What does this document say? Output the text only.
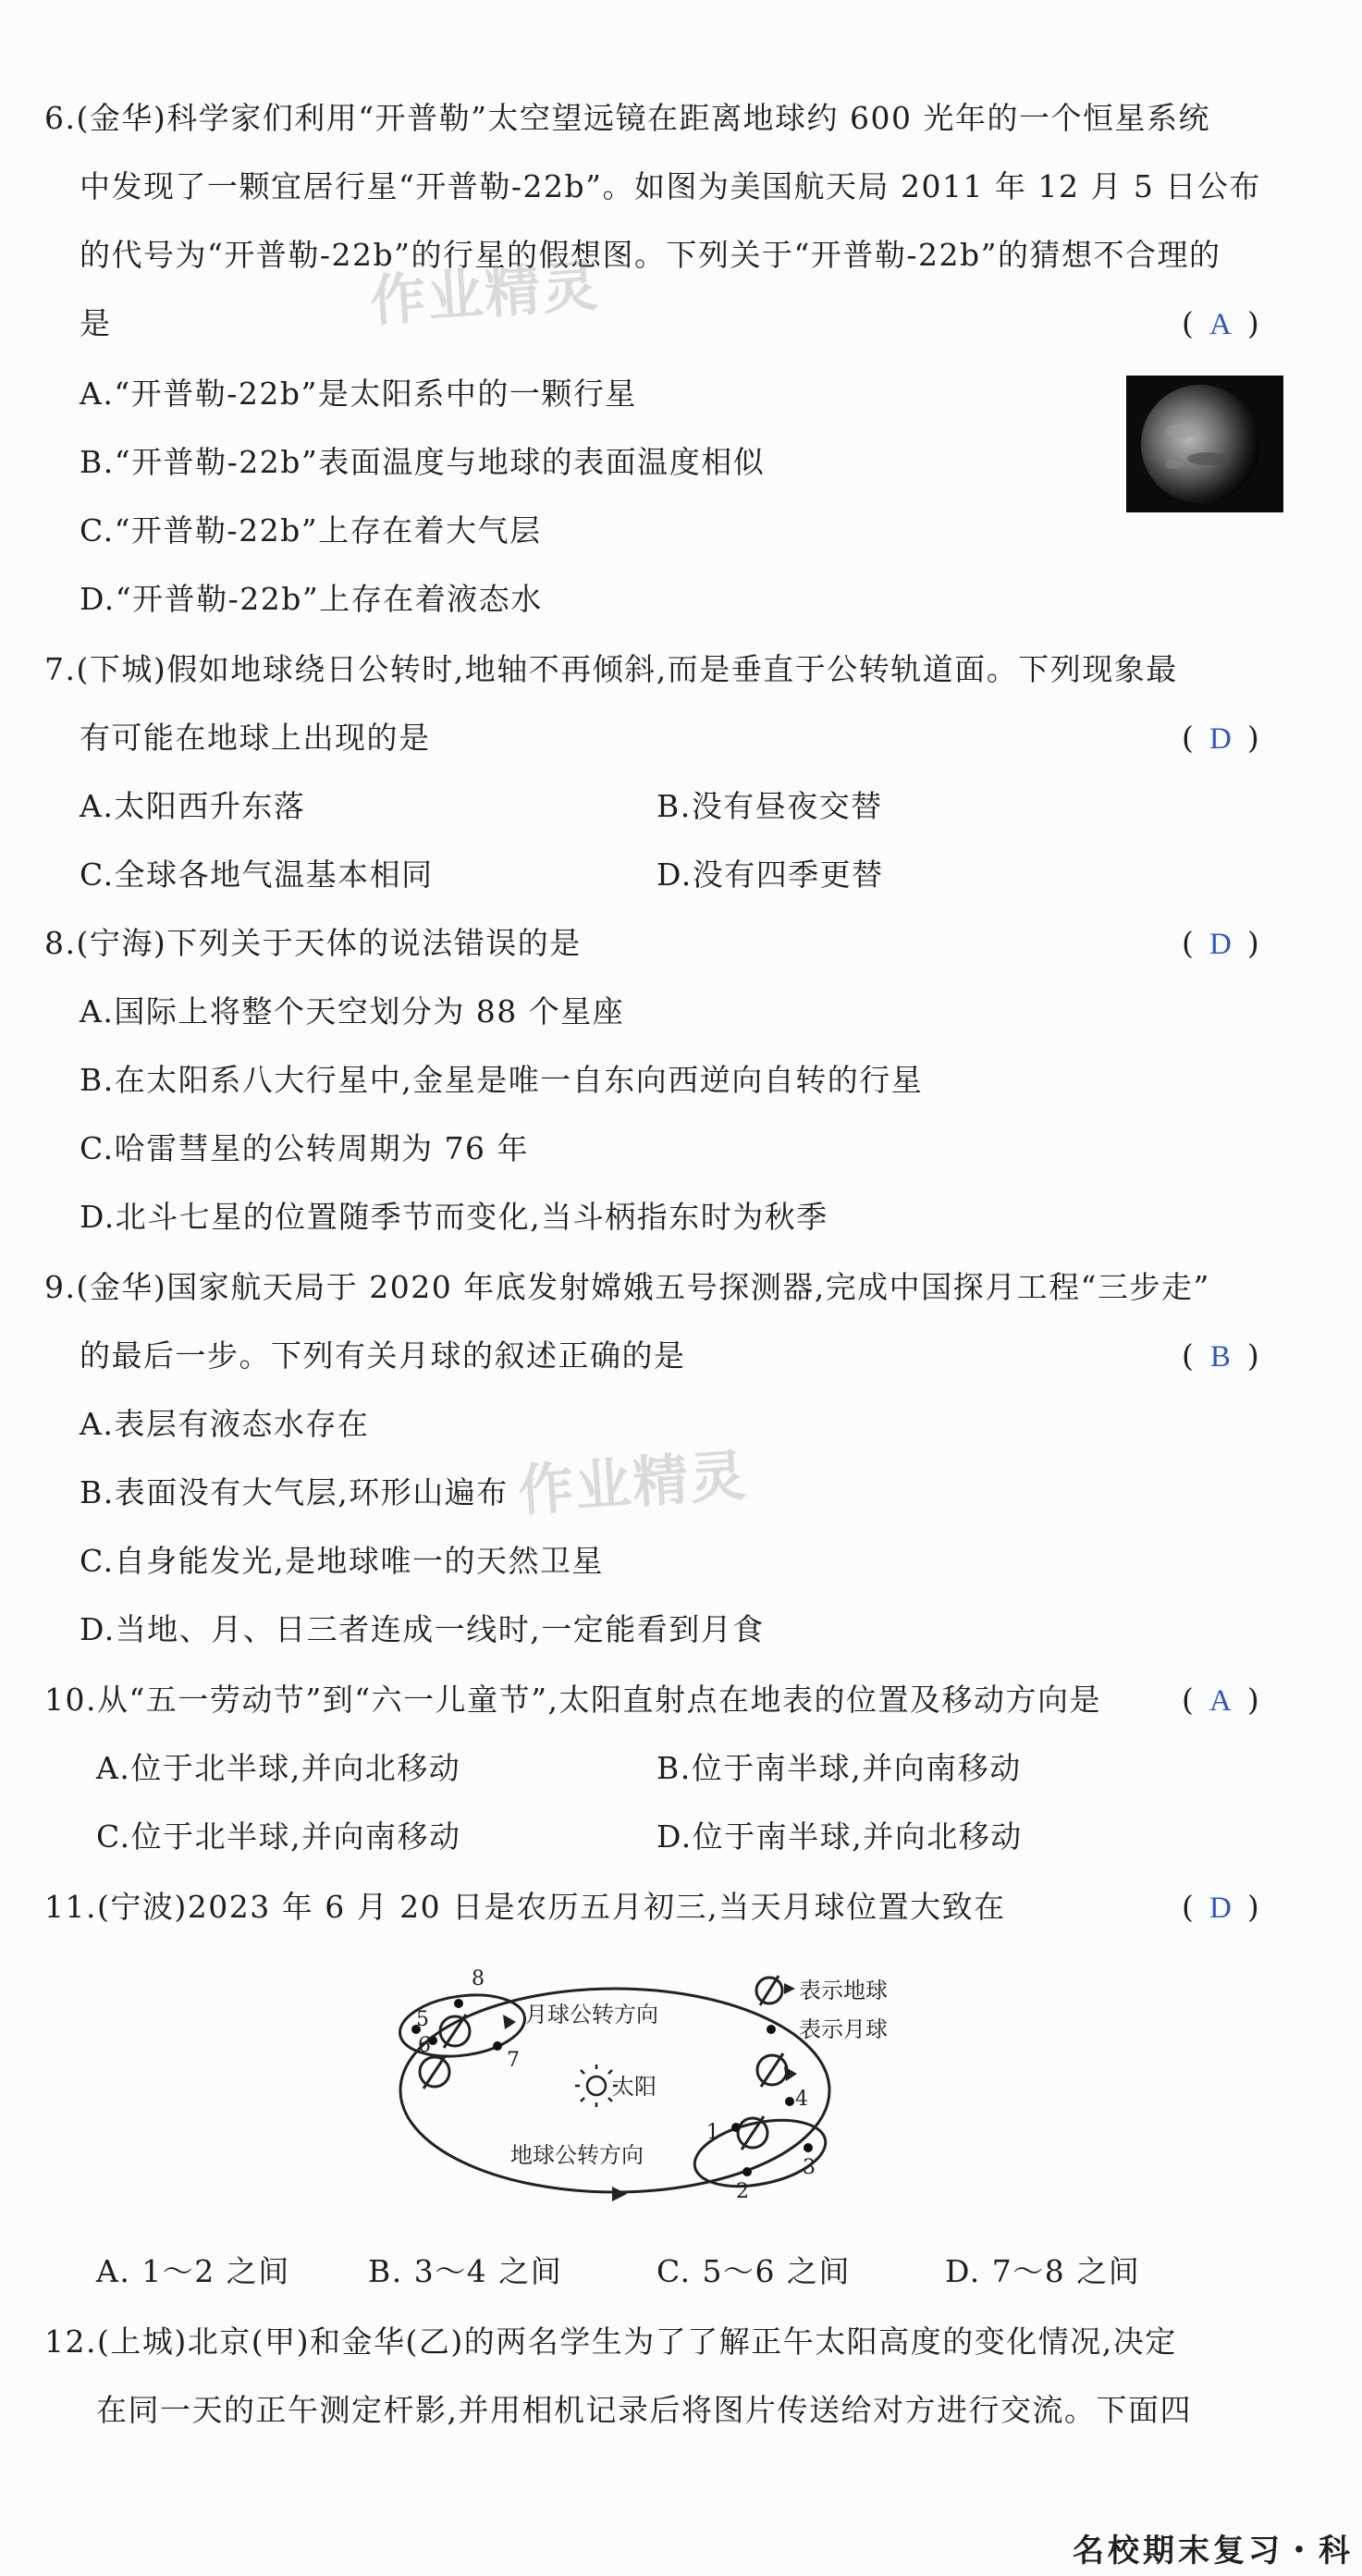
6.(金华)科学家们利用“开普勒”太空望远镜在距离地球约 600 光年的一个恒星系统
中发现了一颗宜居行星“开普勒-22b”。如图为美国航天局 2011 年 12 月 5 日公布
的代号为“开普勒-22b”的行星的假想图。下列关于“开普勒-22b”的猜想不合理的
是	( A )
A.“开普勒-22b”是太阳系中的一颗行星
B.“开普勒-22b”表面温度与地球的表面温度相似
C.“开普勒-22b”上存在着大气层
D.“开普勒-22b”上存在着液态水
7.(下城)假如地球绕日公转时,地轴不再倾斜,而是垂直于公转轨道面。下列现象最
有可能在地球上出现的是	( D )
A.太阳西升东落	B.没有昼夜交替
C.全球各地气温基本相同	D.没有四季更替
8.(宁海)下列关于天体的说法错误的是	( D )
A.国际上将整个天空划分为 88 个星座
B.在太阳系八大行星中,金星是唯一自东向西逆向自转的行星
C.哈雷彗星的公转周期为 76 年
D.北斗七星的位置随季节而变化,当斗柄指东时为秋季
9.(金华)国家航天局于 2020 年底发射嫦娥五号探测器,完成中国探月工程“三步走”
的最后一步。下列有关月球的叙述正确的是	( B )
A.表层有液态水存在
B.表面没有大气层,环形山遍布
C.自身能发光,是地球唯一的天然卫星
D.当地、月、日三者连成一线时,一定能看到月食
10.从“五一劳动节”到“六一儿童节”,太阳直射点在地表的位置及移动方向是	( A )
A.位于北半球,并向北移动	B.位于南半球,并向南移动
C.位于北半球,并向南移动	D.位于南半球,并向北移动
11.(宁波)2023 年 6 月 20 日是农历五月初三,当天月球位置大致在	( D )
月球公转方向
地球公转方向
太阳
表示地球
表示月球
1
2
3
4
5
6
7
8
A. 1～2 之间	B. 3～4 之间	C. 5～6 之间	D. 7～8 之间
12.(上城)北京(甲)和金华(乙)的两名学生为了了解正午太阳高度的变化情况,决定
在同一天的正午测定杆影,并用相机记录后将图片传送给对方进行交流。下面四
作业精灵
作业精灵
名校期末复习・科
